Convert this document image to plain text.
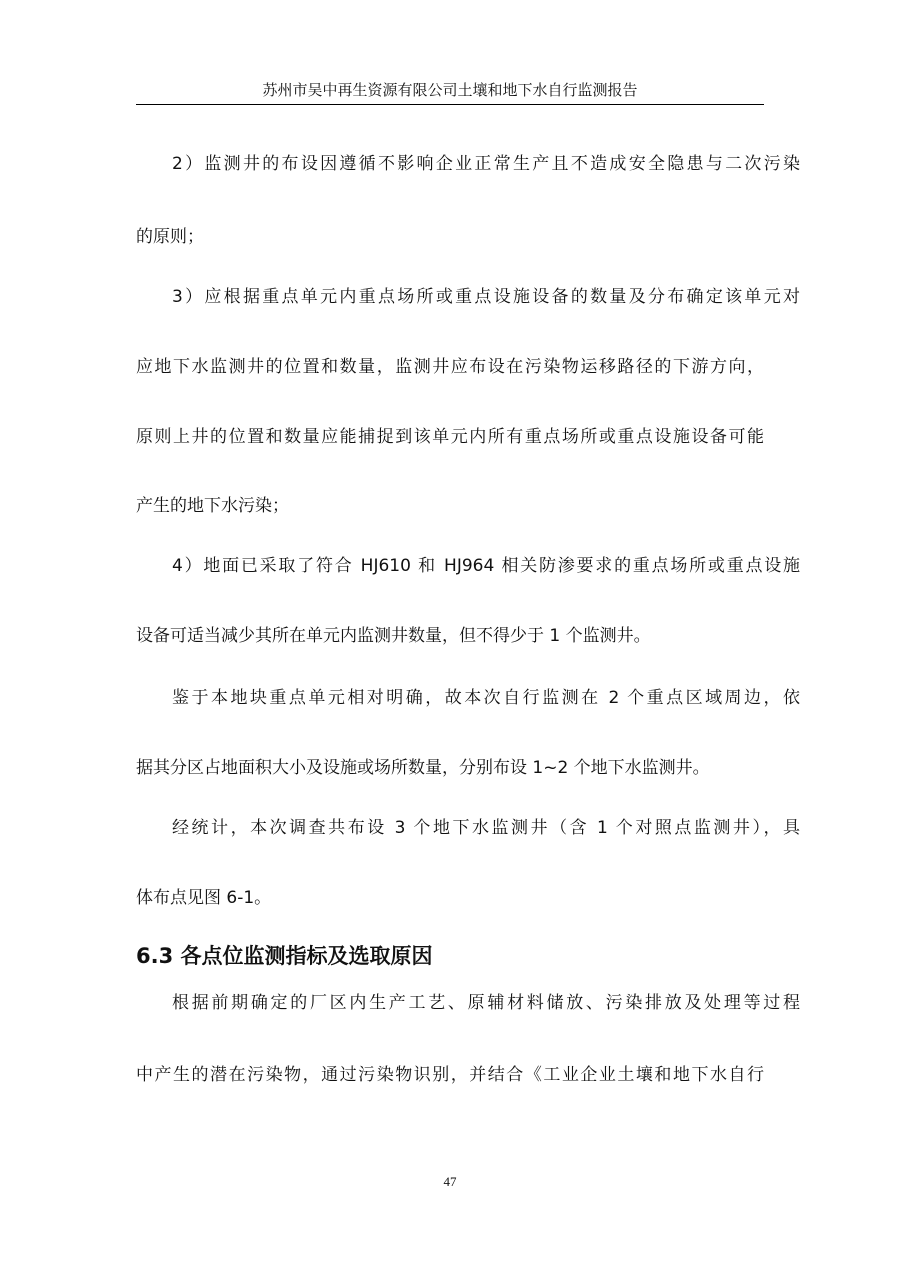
苏州市吴中再生资源有限公司土壤和地下水自行监测报告
2）监测井的布设因遵循不影响企业正常生产且不造成安全隐患与二次污染
的原则；
3）应根据重点单元内重点场所或重点设施设备的数量及分布确定该单元对
应地下水监测井的位置和数量，监测井应布设在污染物运移路径的下游方向，
原则上井的位置和数量应能捕捉到该单元内所有重点场所或重点设施设备可能
产生的地下水污染；
4）地面已采取了符合 HJ610 和 HJ964 相关防渗要求的重点场所或重点设施
设备可适当减少其所在单元内监测井数量，但不得少于 1 个监测井。
鉴于本地块重点单元相对明确，故本次自行监测在 2 个重点区域周边，依
据其分区占地面积大小及设施或场所数量，分别布设 1~2 个地下水监测井。
经统计，本次调查共布设 3 个地下水监测井（含 1 个对照点监测井），具
体布点见图 6-1。
6.3 各点位监测指标及选取原因
根据前期确定的厂区内生产工艺、原辅材料储放、污染排放及处理等过程
中产生的潜在污染物，通过污染物识别，并结合《工业企业土壤和地下水自行
47
